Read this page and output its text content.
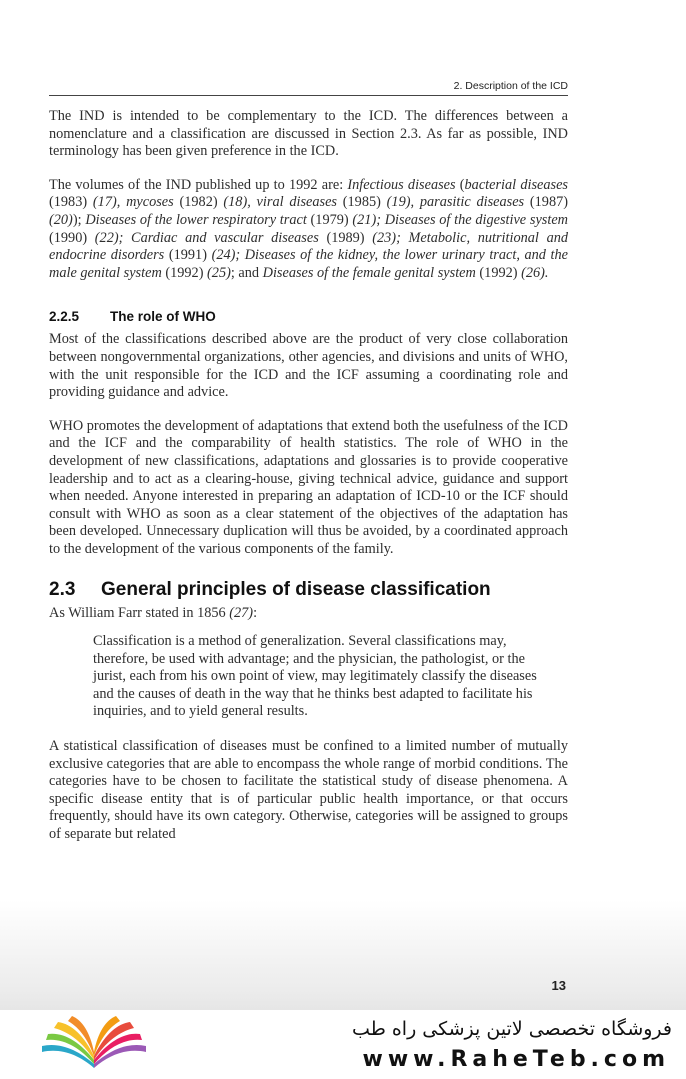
2. Description of the ICD

The IND is intended to be complementary to the ICD. The differences between a nomenclature and a classification are discussed in Section 2.3. As far as possible, IND terminology has been given preference in the ICD.

The volumes of the IND published up to 1992 are: Infectious diseases (bacterial diseases (1983) (17), mycoses (1982) (18), viral diseases (1985) (19), parasitic diseases (1987) (20)); Diseases of the lower respiratory tract (1979) (21); Diseases of the digestive system (1990) (22); Cardiac and vascular diseases (1989) (23); Metabolic, nutritional and endocrine disorders (1991) (24); Diseases of the kidney, the lower urinary tract, and the male genital system (1992) (25); and Diseases of the female genital system (1992) (26).

2.2.5	The role of WHO

Most of the classifications described above are the product of very close collaboration between nongovernmental organizations, other agencies, and divisions and units of WHO, with the unit responsible for the ICD and the ICF assuming a coordinating role and providing guidance and advice.

WHO promotes the development of adaptations that extend both the usefulness of the ICD and the ICF and the comparability of health statistics. The role of WHO in the development of new classifications, adaptations and glossaries is to provide cooperative leadership and to act as a clearing-house, giving technical advice, guidance and support when needed. Anyone interested in preparing an adaptation of ICD-10 or the ICF should consult with WHO as soon as a clear statement of the objectives of the adaptation has been developed. Unnecessary duplication will thus be avoided, by a coordinated approach to the development of the various components of the family.

2.3	General principles of disease classification

As William Farr stated in 1856 (27):

Classification is a method of generalization. Several classifications may, therefore, be used with advantage; and the physician, the pathologist, or the jurist, each from his own point of view, may legitimately classify the diseases and the causes of death in the way that he thinks best adapted to facilitate his inquiries, and to yield general results.

A statistical classification of diseases must be confined to a limited number of mutually exclusive categories that are able to encompass the whole range of morbid conditions. The categories have to be chosen to facilitate the statistical study of disease phenomena. A specific disease entity that is of particular public health importance, or that occurs frequently, should have its own category. Otherwise, categories will be assigned to groups of separate but related

13
فروشگاه تخصصی لاتین پزشکی راه طب
www.RaheTeb.com
